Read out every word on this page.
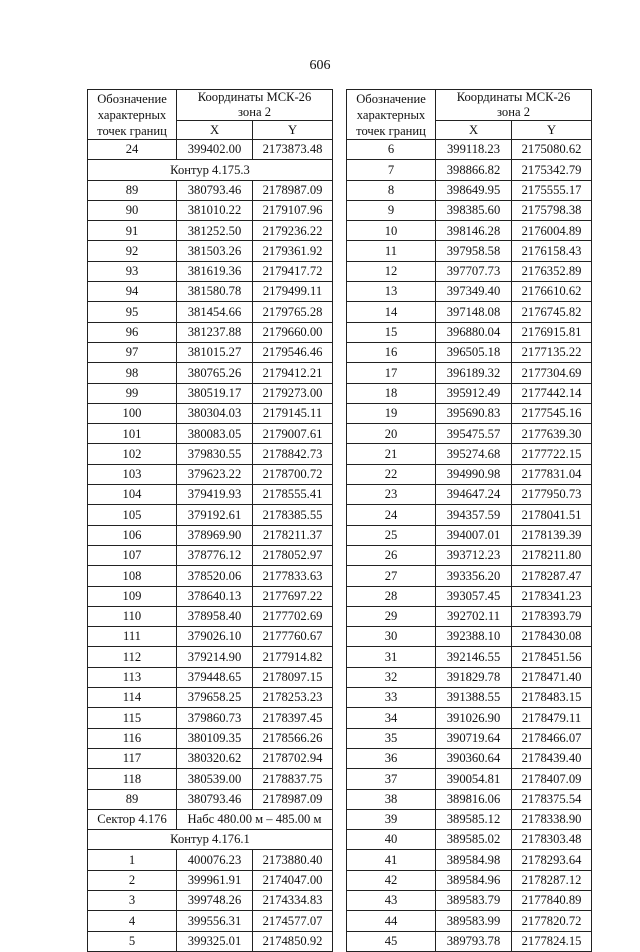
606
Обозначение
характерных
точек границ	Координаты МСК-26
зона 2	
	X	Y
24	399402.00	2173873.48
Контур 4.175.3		
89	380793.46	2178987.09
90	381010.22	2179107.96
91	381252.50	2179236.22
92	381503.26	2179361.92
93	381619.36	2179417.72
94	381580.78	2179499.11
95	381454.66	2179765.28
96	381237.88	2179660.00
97	381015.27	2179546.46
98	380765.26	2179412.21
99	380519.17	2179273.00
100	380304.03	2179145.11
101	380083.05	2179007.61
102	379830.55	2178842.73
103	379623.22	2178700.72
104	379419.93	2178555.41
105	379192.61	2178385.55
106	378969.90	2178211.37
107	378776.12	2178052.97
108	378520.06	2177833.63
109	378640.13	2177697.22
110	378958.40	2177702.69
111	379026.10	2177760.67
112	379214.90	2177914.82
113	379448.65	2178097.15
114	379658.25	2178253.23
115	379860.73	2178397.45
116	380109.35	2178566.26
117	380320.62	2178702.94
118	380539.00	2178837.75
89	380793.46	2178987.09
Сектор 4.176	Набс 480.00 м – 485.00 м	
Контур 4.176.1		
1	400076.23	2173880.40
2	399961.91	2174047.00
3	399748.26	2174334.83
4	399556.31	2174577.07
5	399325.01	2174850.92
Обозначение
характерных
точек границ	Координаты МСК-26
зона 2	
	X	Y
6	399118.23	2175080.62
7	398866.82	2175342.79
8	398649.95	2175555.17
9	398385.60	2175798.38
10	398146.28	2176004.89
11	397958.58	2176158.43
12	397707.73	2176352.89
13	397349.40	2176610.62
14	397148.08	2176745.82
15	396880.04	2176915.81
16	396505.18	2177135.22
17	396189.32	2177304.69
18	395912.49	2177442.14
19	395690.83	2177545.16
20	395475.57	2177639.30
21	395274.68	2177722.15
22	394990.98	2177831.04
23	394647.24	2177950.73
24	394357.59	2178041.51
25	394007.01	2178139.39
26	393712.23	2178211.80
27	393356.20	2178287.47
28	393057.45	2178341.23
29	392702.11	2178393.79
30	392388.10	2178430.08
31	392146.55	2178451.56
32	391829.78	2178471.40
33	391388.55	2178483.15
34	391026.90	2178479.11
35	390719.64	2178466.07
36	390360.64	2178439.40
37	390054.81	2178407.09
38	389816.06	2178375.54
39	389585.12	2178338.90
40	389585.02	2178303.48
41	389584.98	2178293.64
42	389584.96	2178287.12
43	389583.79	2177840.89
44	389583.99	2177820.72
45	389793.78	2177824.15
